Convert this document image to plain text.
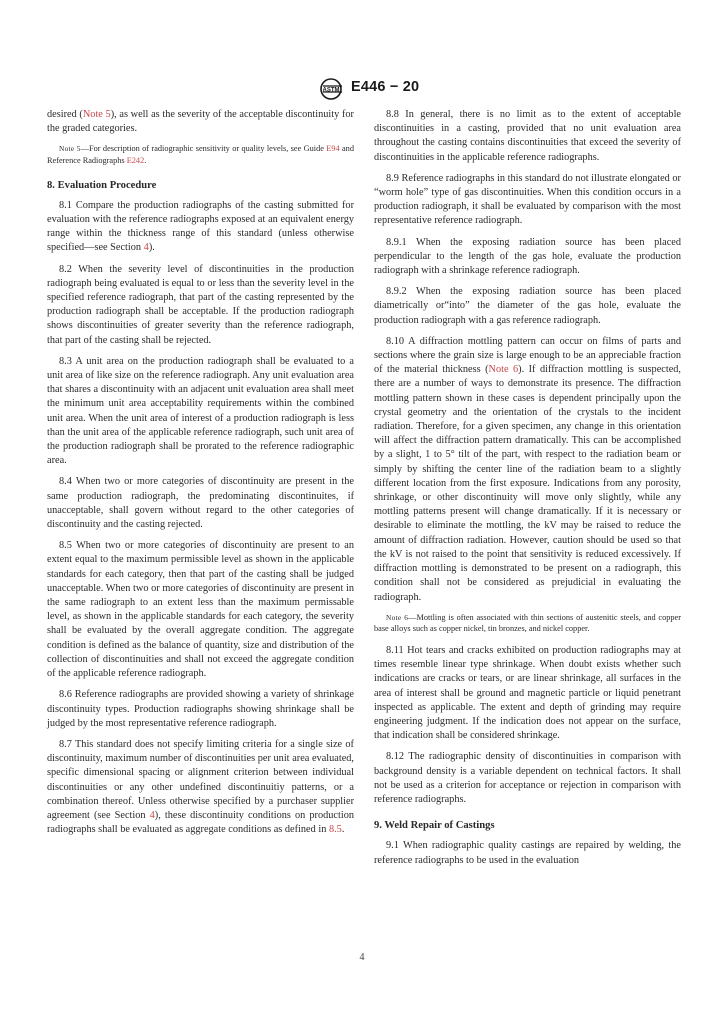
ASTM E446 − 20

desired (Note 5), as well as the severity of the acceptable discontinuity for the graded categories.

Note 5—For description of radiographic sensitivity or quality levels, see Guide E94 and Reference Radiographs E242.

8. Evaluation Procedure

8.1 Compare the production radiographs of the casting submitted for evaluation with the reference radiographs exposed at an equivalent energy range within the thickness range of this standard (unless otherwise specified—see Section 4).

8.2 When the severity level of discontinuities in the production radiograph being evaluated is equal to or less than the severity level in the specified reference radiograph, that part of the casting represented by the production radiograph shall be acceptable. If the production radiograph shows discontinuities of greater severity than the reference radiograph, that part of the casting shall be rejected.

8.3 A unit area on the production radiograph shall be evaluated to a unit area of like size on the reference radiograph. Any unit evaluation area that shares a discontinuity with an adjacent unit evaluation area shall meet the minimum unit area acceptability requirements within the combined unit area. When the unit area of interest of a production radiograph is less than the unit area of the applicable reference radiograph, such unit area of the production radiograph shall be prorated to the reference radiographic area.

8.4 When two or more categories of discontinuity are present in the same production radiograph, the predominating discontinuites, if unacceptable, shall govern without regard to the other categories of discontinuity and the casting rejected.

8.5 When two or more categories of discontinuity are present to an extent equal to the maximum permissible level as shown in the applicable standards for each category, then that part of the casting shall be judged unacceptable. When two or more categories of discontinuity are present in the same radiograph to an extent less than the maximum permissable level, as shown in the applicable standards for each category, the severity shall be evaluated by the overall aggregate condition. The aggregate condition is defined as the balance of quantity, size and distribution of the collection of discontinuities and shall not exceed the aggregate condition of the applicable reference radiograph.

8.6 Reference radiographs are provided showing a variety of shrinkage discontinuity types. Production radiographs showing shrinkage shall be judged by the most representative reference radiograph.

8.7 This standard does not specify limiting criteria for a single size of discontinuity, maximum number of discontinuities per unit area evaluated, specific dimensional spacing or alignment criterion between individual discontinuities or any other undefined discontinuitiy patterns, or a combination thereof. Unless otherwise specified by a purchaser supplier agreement (see Section 4), these discontinuity conditions on production radiographs shall be evaluated as aggregate conditions as defined in 8.5.

8.8 In general, there is no limit as to the extent of acceptable discontinuities in a casting, provided that no unit evaluation area throughout the casting contains discontinuities that exceed the severity of discontinuities in the applicable reference radiographs.

8.9 Reference radiographs in this standard do not illustrate elongated or “worm hole” type of gas discontinuities. When this condition occurs in a production radiograph, it shall be evaluated by comparison with the most representative reference radiograph.

8.9.1 When the exposing radiation source has been placed perpendicular to the length of the gas hole, evaluate the production radiograph with a shrinkage reference radiograph.

8.9.2 When the exposing radiation source has been placed diametrically or“into” the diameter of the gas hole, evaluate the production radiograph with a gas reference radiograph.

8.10 A diffraction mottling pattern can occur on films of parts and sections where the grain size is large enough to be an appreciable fraction of the material thickness (Note 6). If diffraction mottling is suspected, there are a number of ways to demonstrate its presence. The diffraction mottling pattern shown in these cases is dependent principally upon the crystal geometry and the orientation of the crystals to the incident radiation. Therefore, for a given specimen, any change in this orientation will affect the diffraction pattern dramatically. This can be accomplished by a slight, 1 to 5° tilt of the part, with respect to the radiation beam or simply by shifting the center line of the radiation beam to a slightly different location from the first exposure. Indications from any porosity, shrinkage, or other discontinuity will move only slightly, while any mottling patterns present will change dramatically. If it is necessary or desirable to eliminate the mottling, the kV may be raised to reduce the amount of diffraction radiation. However, caution should be used so that the kV is not raised to the point that sensitivity is reduced excessively. If diffraction mottling is demonstrated to be present on a radiograph, this condition shall not be considered as prejudicial in evaluating the radiograph.

Note 6—Mottling is often associated with thin sections of austenitic steels, and copper base alloys such as copper nickel, tin bronzes, and nickel copper.

8.11 Hot tears and cracks exhibited on production radiographs may at times resemble linear type shrinkage. When doubt exists whether such indications are cracks or tears, or are linear shrinkage, all surfaces in the area of interest shall be ground and magnetic particle or liquid penetrant inspected as applicable. The extent and depth of grinding may require engineering judgment. If the indication does not appear on the surface, that indication shall be considered shrinkage.

8.12 The radiographic density of discontinuities in comparison with background density is a variable dependent on technical factors. It shall not be used as a criterion for acceptance or rejection in comparison with reference radiographs.

9. Weld Repair of Castings

9.1 When radiographic quality castings are repaired by welding, the reference radiographs to be used in the evaluation

4
